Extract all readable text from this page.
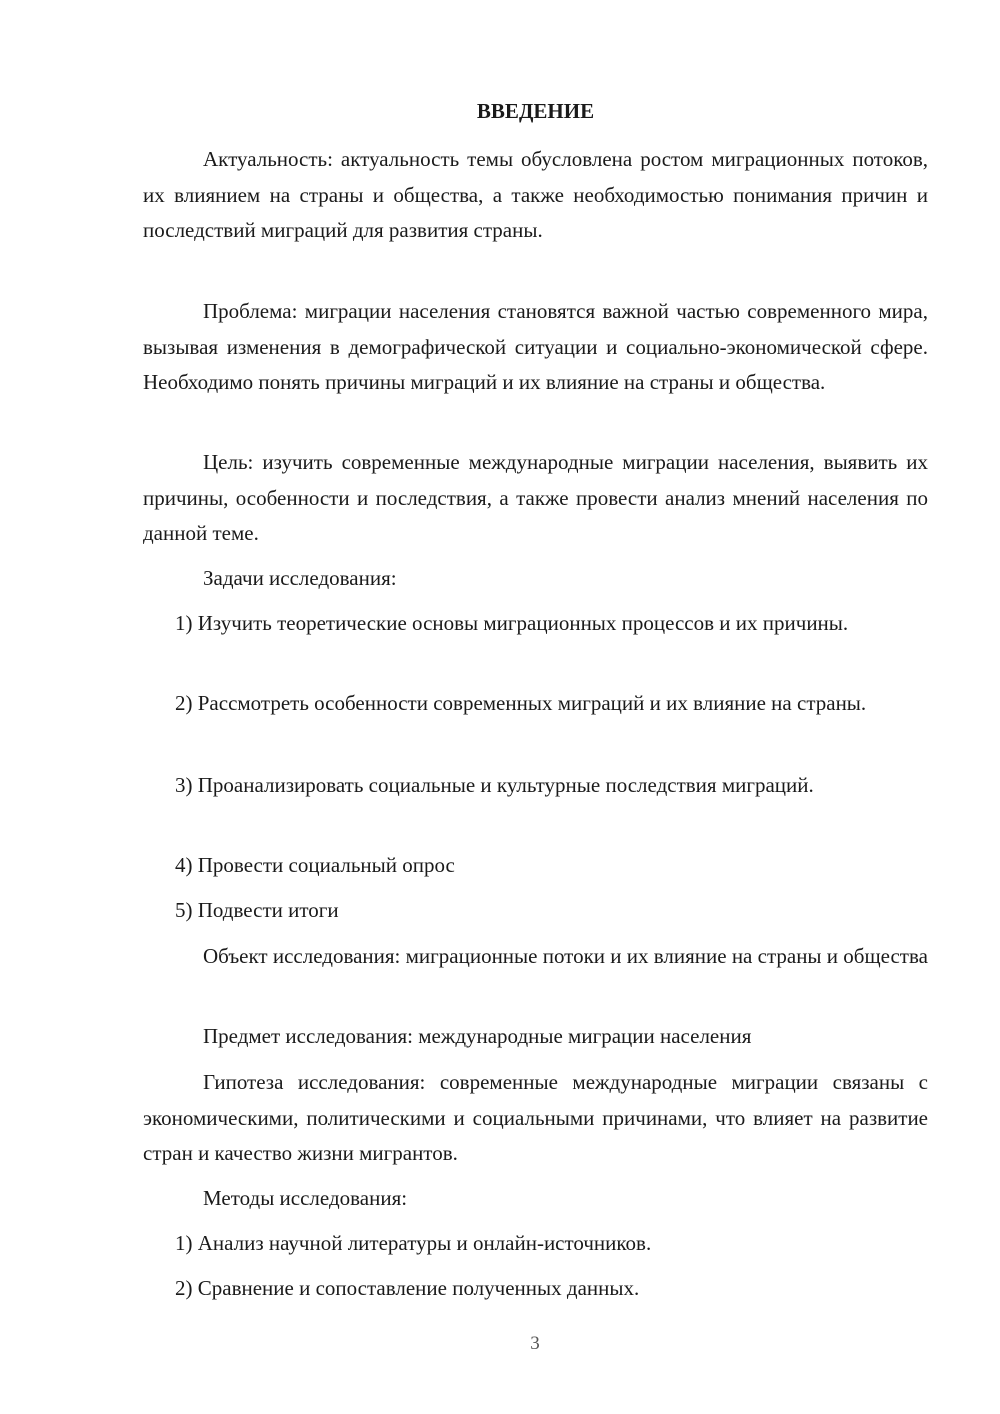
ВВЕДЕНИЕ

Актуальность: актуальность темы обусловлена ростом миграционных потоков, их влиянием на страны и общества, а также необходимостью понимания причин и последствий миграций для развития страны.

Проблема: миграции населения становятся важной частью современного мира, вызывая изменения в демографической ситуации и социально-экономической сфере. Необходимо понять причины миграций и их влияние на страны и общества.

Цель: изучить современные международные миграции населения, выявить их причины, особенности и последствия, а также провести анализ мнений населения по данной теме.

Задачи исследования:

1) Изучить теоретические основы миграционных процессов и их причины.

2) Рассмотреть особенности современных миграций и их влияние на страны.

3) Проанализировать социальные и культурные последствия миграций.

4) Провести социальный опрос

5) Подвести итоги

Объект исследования: миграционные потоки и их влияние на страны и общества

Предмет исследования: международные миграции населения

Гипотеза исследования: современные международные миграции связаны с экономическими, политическими и социальными причинами, что влияет на развитие стран и качество жизни мигрантов.

Методы исследования:

1) Анализ научной литературы и онлайн-источников.

2) Сравнение и сопоставление полученных данных.

3
